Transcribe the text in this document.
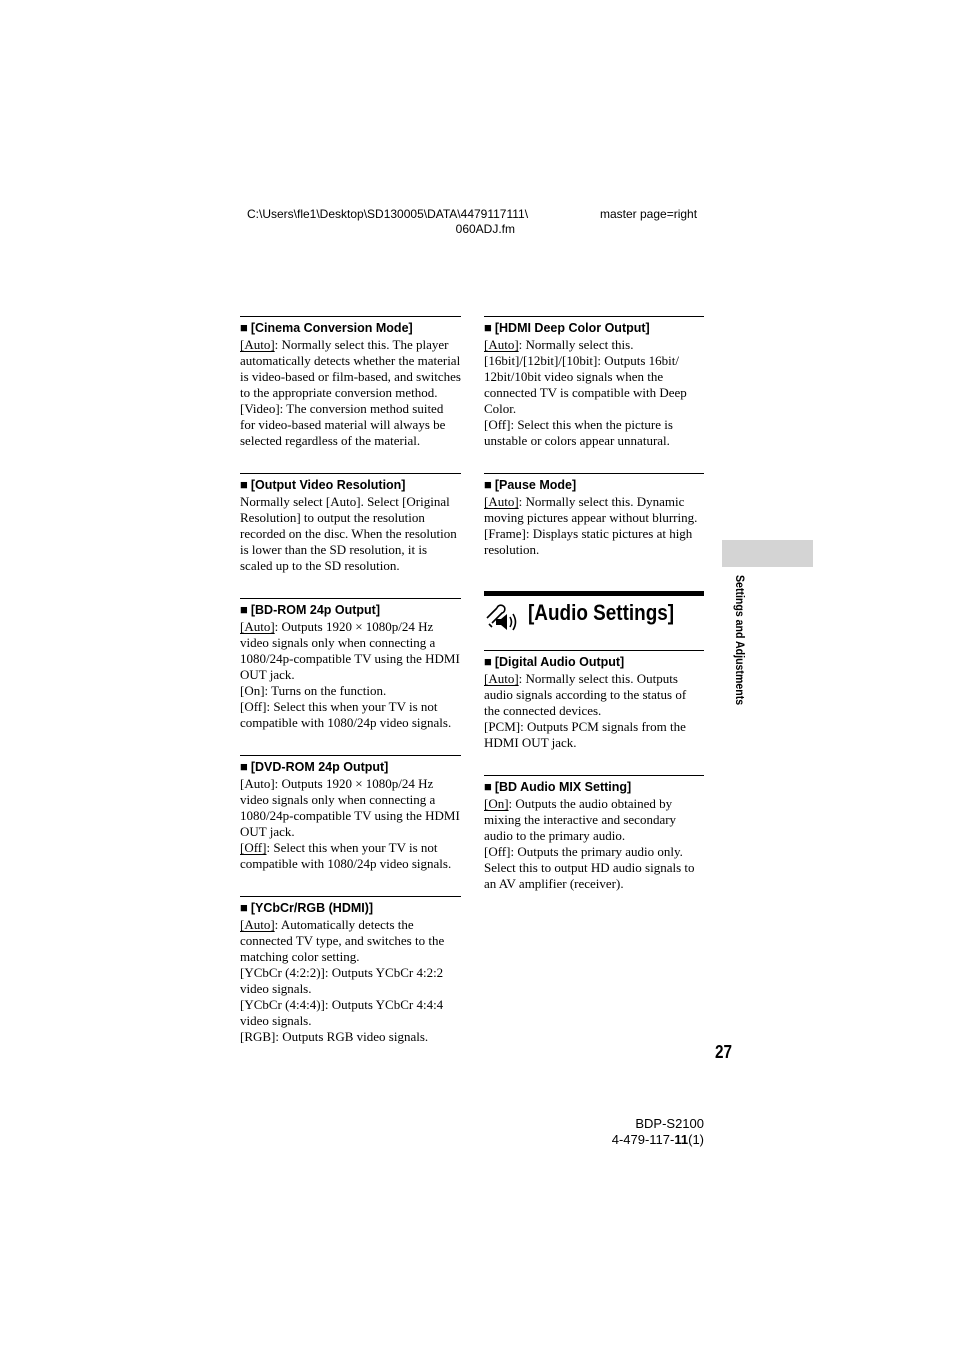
C:\Users\fle1\Desktop\SD130005\DATA\4479117111\
060ADJ.fm
master page=right
■ [Cinema Conversion Mode]

[Auto]: Normally select this. The player automatically detects whether the material is video-based or film-based, and switches to the appropriate conversion method.

[Video]: The conversion method suited for video-based material will always be selected regardless of the material.

■ [Output Video Resolution]

Normally select [Auto]. Select [Original Resolution] to output the resolution recorded on the disc. When the resolution is lower than the SD resolution, it is scaled up to the SD resolution.

■ [BD-ROM 24p Output]

[Auto]: Outputs 1920 × 1080p/24 Hz video signals only when connecting a 1080/24p-compatible TV using the HDMI OUT jack.

[On]: Turns on the function.

[Off]: Select this when your TV is not compatible with 1080/24p video signals.

■ [DVD-ROM 24p Output]

[Auto]: Outputs 1920 × 1080p/24 Hz video signals only when connecting a 1080/24p-compatible TV using the HDMI OUT jack.

[Off]: Select this when your TV is not compatible with 1080/24p video signals.

■ [YCbCr/RGB (HDMI)]

[Auto]: Automatically detects the connected TV type, and switches to the matching color setting.

[YCbCr (4:2:2)]: Outputs YCbCr 4:2:2 video signals.

[YCbCr (4:4:4)]: Outputs YCbCr 4:4:4 video signals.

[RGB]: Outputs RGB video signals.

■ [HDMI Deep Color Output]

[Auto]: Normally select this.

[16bit]/[12bit]/[10bit]: Outputs 16bit/ 12bit/10bit video signals when the connected TV is compatible with Deep Color.

[Off]: Select this when the picture is unstable or colors appear unnatural.

■ [Pause Mode]

[Auto]: Normally select this. Dynamic moving pictures appear without blurring.

[Frame]: Displays static pictures at high resolution.

[Audio Settings]
■ [Digital Audio Output]

[Auto]: Normally select this. Outputs audio signals according to the status of the connected devices.

[PCM]: Outputs PCM signals from the HDMI OUT jack.

■ [BD Audio MIX Setting]

[On]: Outputs the audio obtained by mixing the interactive and secondary audio to the primary audio.

[Off]: Outputs the primary audio only. Select this to output HD audio signals to an AV amplifier (receiver).

Settings and Adjustments
27
BDP-S2100
4-479-117-11(1)
